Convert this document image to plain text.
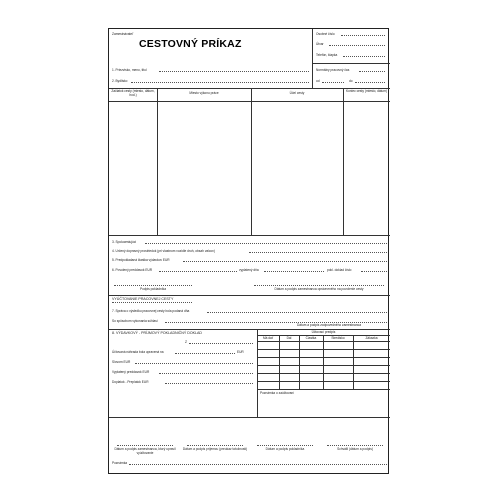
Zamestnávateľ
CESTOVNÝ PRÍKAZ
Osobné číslo
Útvar
Telefón, klapka
Normálny pracovný čas
od	do
1. Priezvisko, meno, titul
2. Bydlisko
Začiatok cesty (miesto, dátum, hod.)	Miesto výkonu práce	Účel cesty	Koniec cesty (miesto, dátum)
3. Spolucestujúci
4. Určený dopravný prostriedok (pri vlastnom vozidle druh, obsah valcov)
5. Predpokladaná čiastka výdavkov EUR
6. Povolený preddavok EUR	vyplatený dňa	pokl. doklad číslo
Podpis pokladníka	Dátum a podpis zamestnanca oprávneného na povolenie cesty
VYÚČTOVANIE PRACOVNEJ CESTY
7. Správa o výsledku pracovnej cesty bola podaná dňa
So spôsobom vykonania súhlasí
Dátum a podpis zodpovedného zamestnanca
8. VÝDAVKOVÝ - PRÍJMOVÝ POKLADNIČNÝ DOKLAD
Z
Účtovaná náhrada bola upravená na	EUR
Slovom EUR
Vyplatený preddavok EUR
Doplatok - Preplatok EUR
Účtovací predpis
Má dať	Dal	Čiastka	Stredisko	Zákazka
Poznámka o zaúčtovaní
Dátum a podpis zamestnanca, ktorý upravil vyúčtovanie
Dátum a podpis príjemcu (preukaz totožnosti)	Dátum a podpis pokladníka	Schválil (dátum a podpis)
Poznámka
